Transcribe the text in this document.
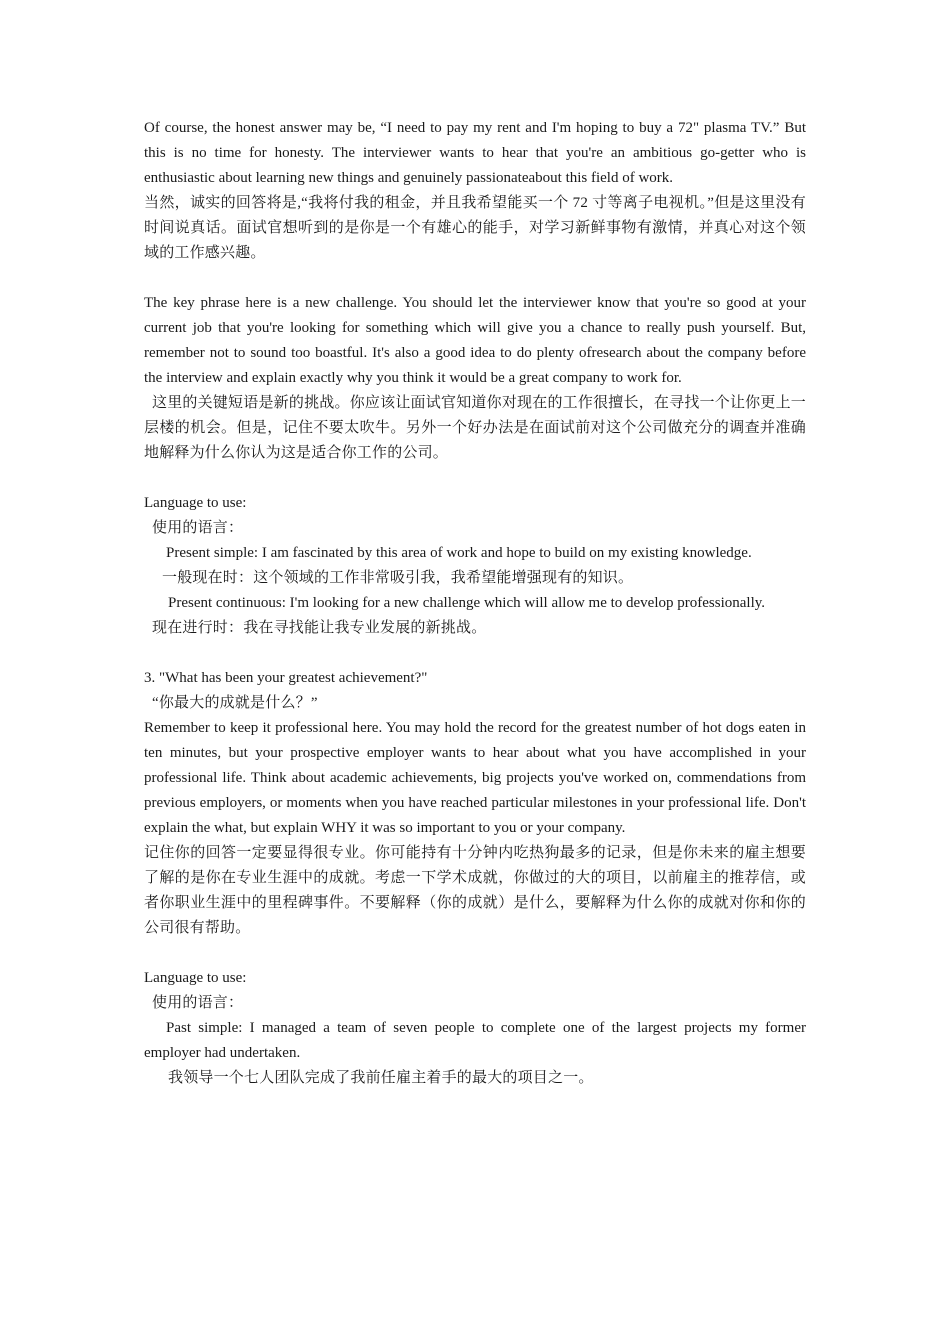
Of course, the honest answer may be, “I need to pay my rent and I'm hoping to buy a 72" plasma TV.” But this is no time for honesty. The interviewer wants to hear that you're an ambitious go-getter who is enthusiastic about learning new things and genuinely passionateabout this field of work.

当然，诚实的回答将是,“我将付我的租金，并且我希望能买一个 72 寸等离子电视机。”但是这里没有时间说真话。面试官想听到的是你是一个有雄心的能手，对学习新鲜事物有激情，并真心对这个领域的工作感兴趣。

The key phrase here is a new challenge. You should let the interviewer know that you're so good at your current job that you're looking for something which will give you a chance to really push yourself. But, remember not to sound too boastful. It's also a good idea to do plenty ofresearch about the company before the interview and explain exactly why you think it would be a great company to work for.

这里的关键短语是新的挑战。你应该让面试官知道你对现在的工作很擅长，在寻找一个让你更上一层楼的机会。但是，记住不要太吹牛。另外一个好办法是在面试前对这个公司做充分的调查并准确地解释为什么你认为这是适合你工作的公司。

Language to use:

使用的语言：

Present simple: I am fascinated by this area of work and hope to build on my existing knowledge.

一般现在时：这个领域的工作非常吸引我，我希望能增强现有的知识。

Present continuous: I'm looking for a new challenge which will allow me to develop professionally.

现在进行时：我在寻找能让我专业发展的新挑战。

3. "What has been your greatest achievement?"

“你最大的成就是什么？”

Remember to keep it professional here. You may hold the record for the greatest number of hot dogs eaten in ten minutes, but your prospective employer wants to hear about what you have accomplished in your professional life. Think about academic achievements, big projects you've worked on, commendations from previous employers, or moments when you have reached particular milestones in your professional life. Don't explain the what, but explain WHY it was so important to you or your company.

记住你的回答一定要显得很专业。你可能持有十分钟内吃热狗最多的记录，但是你未来的雇主想要了解的是你在专业生涯中的成就。考虑一下学术成就，你做过的大的项目，以前雇主的推荐信，或者你职业生涯中的里程碑事件。不要解释（你的成就）是什么，要解释为什么你的成就对你和你的公司很有帮助。

Language to use:

使用的语言：

Past simple: I managed a team of seven people to complete one of the largest projects my former employer had undertaken.

我领导一个七人团队完成了我前任雇主着手的最大的项目之一。
